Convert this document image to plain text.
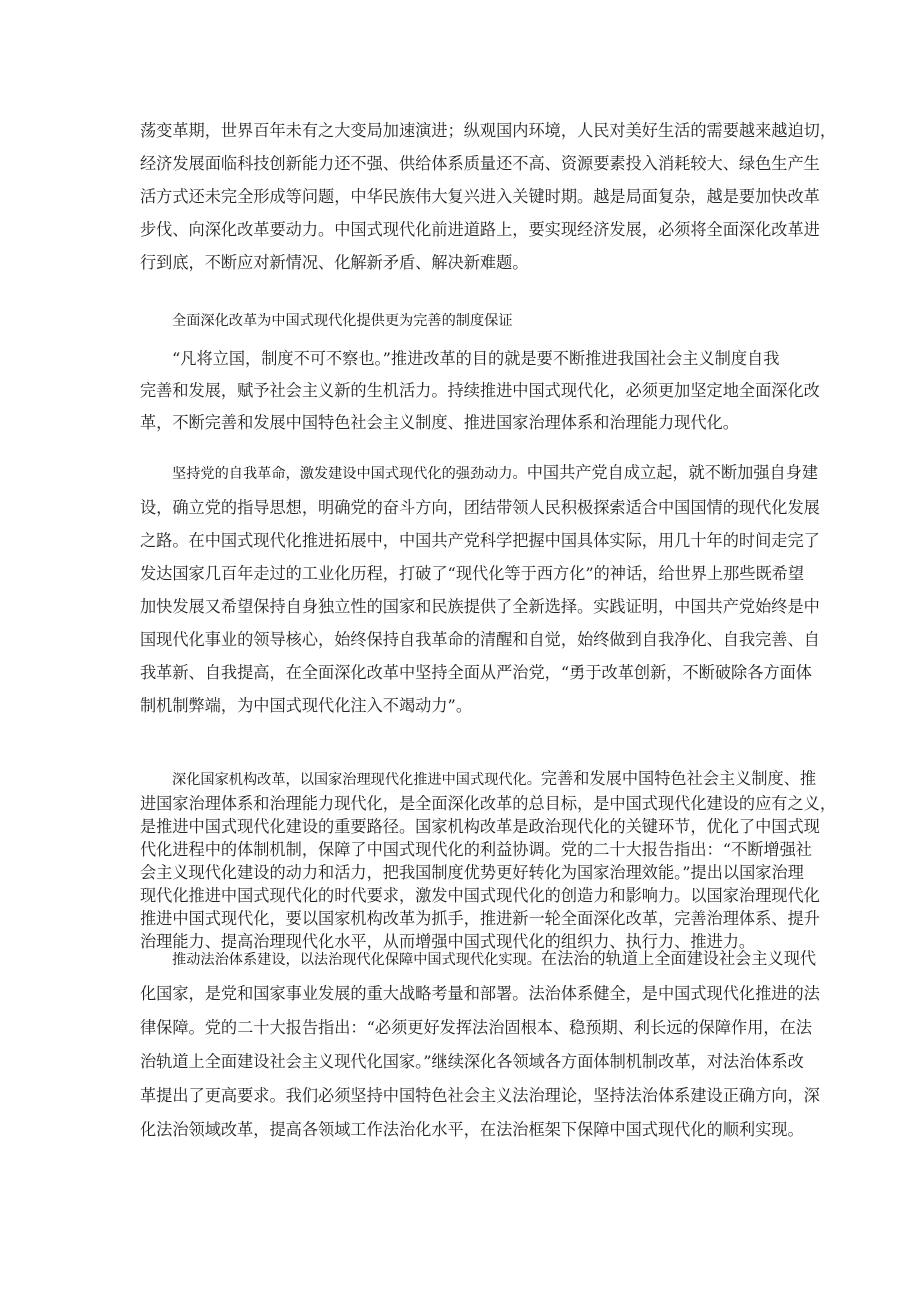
荡变革期，世界百年未有之大变局加速演进；纵观国内环境，人民对美好生活的需要越来越迫切，
经济发展面临科技创新能力还不强、供给体系质量还不高、资源要素投入消耗较大、绿色生产生
活方式还未完全形成等问题，中华民族伟大复兴进入关键时期。越是局面复杂，越是要加快改革
步伐、向深化改革要动力。中国式现代化前进道路上，要实现经济发展，必须将全面深化改革进
行到底，不断应对新情况、化解新矛盾、解决新难题。
全面深化改革为中国式现代化提供更为完善的制度保证
“凡将立国，制度不可不察也。”推进改革的目的就是要不断推进我国社会主义制度自我
完善和发展，赋予社会主义新的生机活力。持续推进中国式现代化，必须更加坚定地全面深化改
革，不断完善和发展中国特色社会主义制度、推进国家治理体系和治理能力现代化。
坚持党的自我革命，激发建设中国式现代化的强劲动力。中国共产党自成立起，就不断加强自身建
设，确立党的指导思想，明确党的奋斗方向，团结带领人民积极探索适合中国国情的现代化发展
之路。在中国式现代化推进拓展中，中国共产党科学把握中国具体实际，用几十年的时间走完了
发达国家几百年走过的工业化历程，打破了“现代化等于西方化”的神话，给世界上那些既希望
加快发展又希望保持自身独立性的国家和民族提供了全新选择。实践证明，中国共产党始终是中
国现代化事业的领导核心，始终保持自我革命的清醒和自觉，始终做到自我净化、自我完善、自
我革新、自我提高，在全面深化改革中坚持全面从严治党，“勇于改革创新，不断破除各方面体
制机制弊端，为中国式现代化注入不竭动力”。
深化国家机构改革，以国家治理现代化推进中国式现代化。完善和发展中国特色社会主义制度、推
进国家治理体系和治理能力现代化，是全面深化改革的总目标，是中国式现代化建设的应有之义，
是推进中国式现代化建设的重要路径。国家机构改革是政治现代化的关键环节，优化了中国式现
代化进程中的体制机制，保障了中国式现代化的利益协调。党的二十大报告指出：“不断增强社
会主义现代化建设的动力和活力，把我国制度优势更好转化为国家治理效能。”提出以国家治理
现代化推进中国式现代化的时代要求，激发中国式现代化的创造力和影响力。以国家治理现代化
推进中国式现代化，要以国家机构改革为抓手，推进新一轮全面深化改革，完善治理体系、提升
治理能力、提高治理现代化水平，从而增强中国式现代化的组织力、执行力、推进力。
推动法治体系建设，以法治现代化保障中国式现代化实现。在法治的轨道上全面建设社会主义现代
化国家，是党和国家事业发展的重大战略考量和部署。法治体系健全，是中国式现代化推进的法
律保障。党的二十大报告指出：“必须更好发挥法治固根本、稳预期、利长远的保障作用，在法
治轨道上全面建设社会主义现代化国家。”继续深化各领域各方面体制机制改革，对法治体系改
革提出了更高要求。我们必须坚持中国特色社会主义法治理论，坚持法治体系建设正确方向，深
化法治领域改革，提高各领域工作法治化水平，在法治框架下保障中国式现代化的顺利实现。
